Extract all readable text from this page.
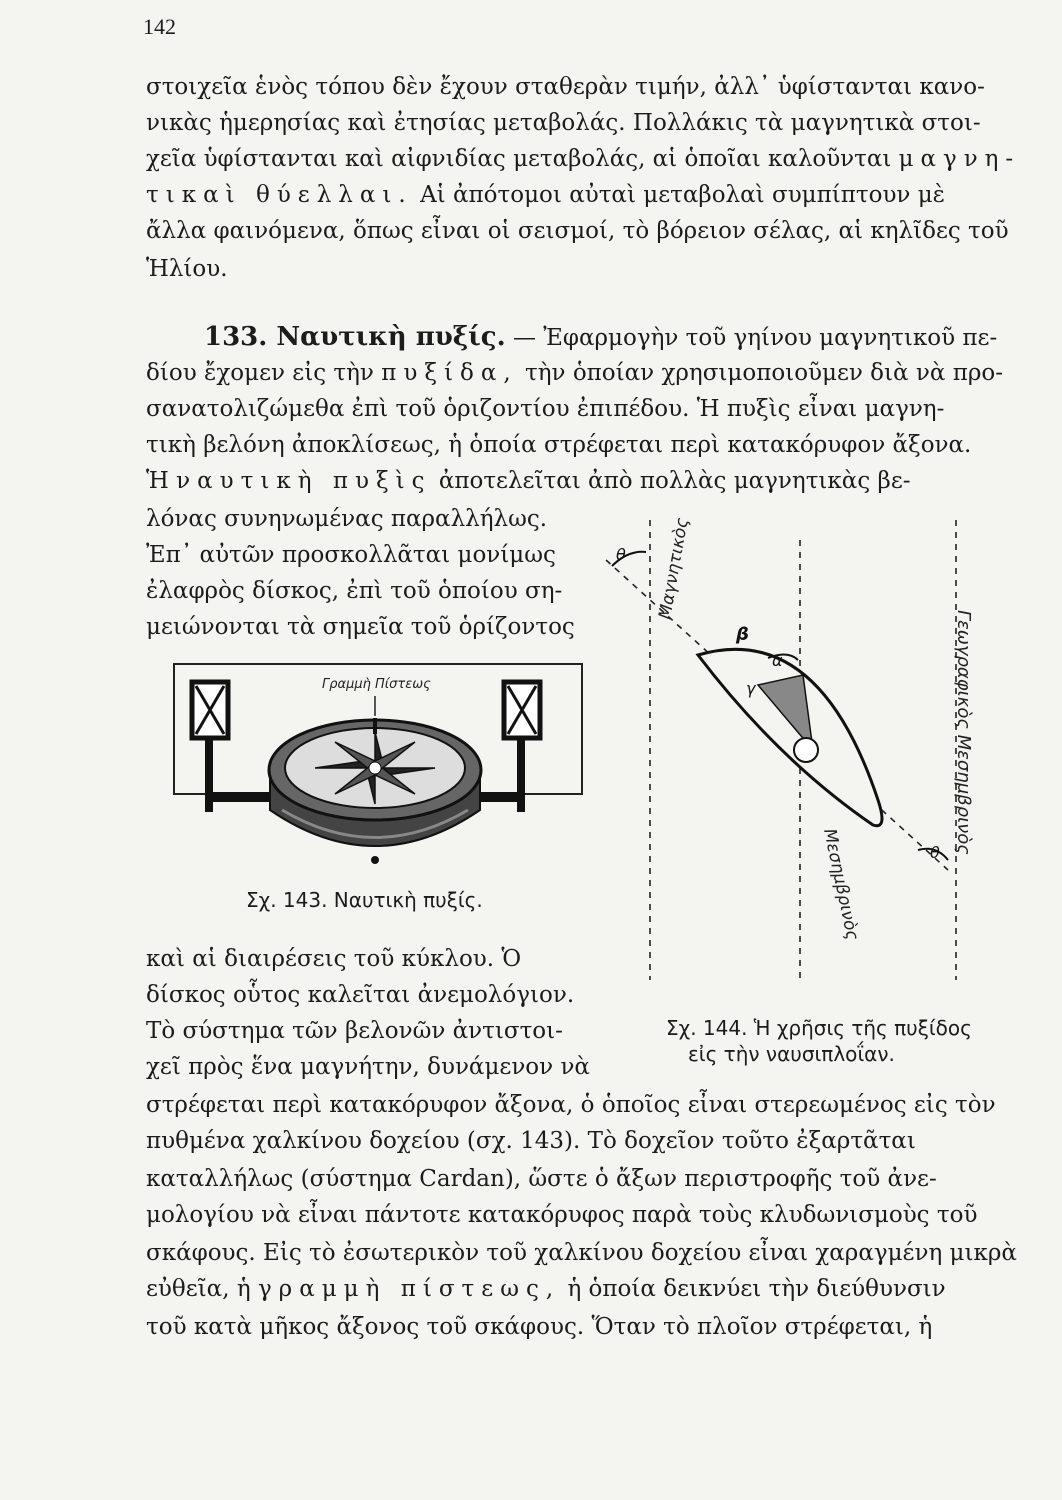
142
στοιχεῖα ἑνὸς τόπου δὲν ἔχουν σταθερὰν τιμήν, ἀλλ᾽ ὑφίστανται κανο-
νικὰς ἡμερησίας καὶ ἐτησίας μεταβολάς. Πολλάκις τὰ μαγνητικὰ στοι-
χεῖα ὑφίστανται καὶ αἰφνιδίας μεταβολάς, αἱ ὁποῖαι καλοῦνται μαγνη-
τικαὶ θύελλαι. Αἱ ἀπότομοι αὐταὶ μεταβολαὶ συμπίπτουν μὲ
ἄλλα φαινόμενα, ὅπως εἶναι οἱ σεισμοί, τὸ βόρειον σέλας, αἱ κηλῖδες τοῦ
Ἡλίου.
133. Ναυτικὴ πυξίς. — Ἐφαρμογὴν τοῦ γηίνου μαγνητικοῦ πε-
δίου ἔχομεν εἰς τὴν πυξίδα, τὴν ὁποίαν χρησιμοποιοῦμεν διὰ νὰ προ-
σανατολιζώμεθα ἐπὶ τοῦ ὁριζοντίου ἐπιπέδου. Ἡ πυξὶς εἶναι μαγνη-
τικὴ βελόνη ἀποκλίσεως, ἡ ὁποία στρέφεται περὶ κατακόρυφον ἄξονα.
Ἡ ναυτικὴ πυξὶς ἀποτελεῖται ἀπὸ πολλὰς μαγνητικὰς βε-
λόνας συνηνωμένας παραλλήλως.
Ἐπ᾽ αὐτῶν προσκολλᾶται μονίμως
ἐλαφρὸς δίσκος, ἐπὶ τοῦ ὁποίου ση-
μειώνονται τὰ σημεῖα τοῦ ὁρίζοντος
Γραμμὴ Πίστεως
Σχ. 143. Ναυτικὴ πυξίς.
θ
β
α
γ
θ
Μαγνητικὸς
Γεωγραφικὸς Μεσημβρινὸς
Μεσημβρινὸς
Σχ. 144. Ἡ χρῆσις τῆς πυξίδος
εἰς τὴν ναυσιπλοΐαν.
καὶ αἱ διαιρέσεις τοῦ κύκλου. Ὁ
δίσκος οὗτος καλεῖται ἀνεμολόγιον.
Τὸ σύστημα τῶν βελονῶν ἀντιστοι-
χεῖ πρὸς ἕνα μαγνήτην, δυνάμενον νὰ
στρέφεται περὶ κατακόρυφον ἄξονα, ὁ ὁποῖος εἶναι στερεωμένος εἰς τὸν
πυθμένα χαλκίνου δοχείου (σχ. 143). Τὸ δοχεῖον τοῦτο ἐξαρτᾶται
καταλλήλως (σύστημα Cardan), ὥστε ὁ ἄξων περιστροφῆς τοῦ ἀνε-
μολογίου νὰ εἶναι πάντοτε κατακόρυφος παρὰ τοὺς κλυδωνισμοὺς τοῦ
σκάφους. Εἰς τὸ ἐσωτερικὸν τοῦ χαλκίνου δοχείου εἶναι χαραγμένη μικρὰ
εὐθεῖα, ἡ γραμμὴ πίστεως, ἡ ὁποία δεικνύει τὴν διεύθυνσιν
τοῦ κατὰ μῆκος ἄξονος τοῦ σκάφους. Ὅταν τὸ πλοῖον στρέφεται, ἡ
